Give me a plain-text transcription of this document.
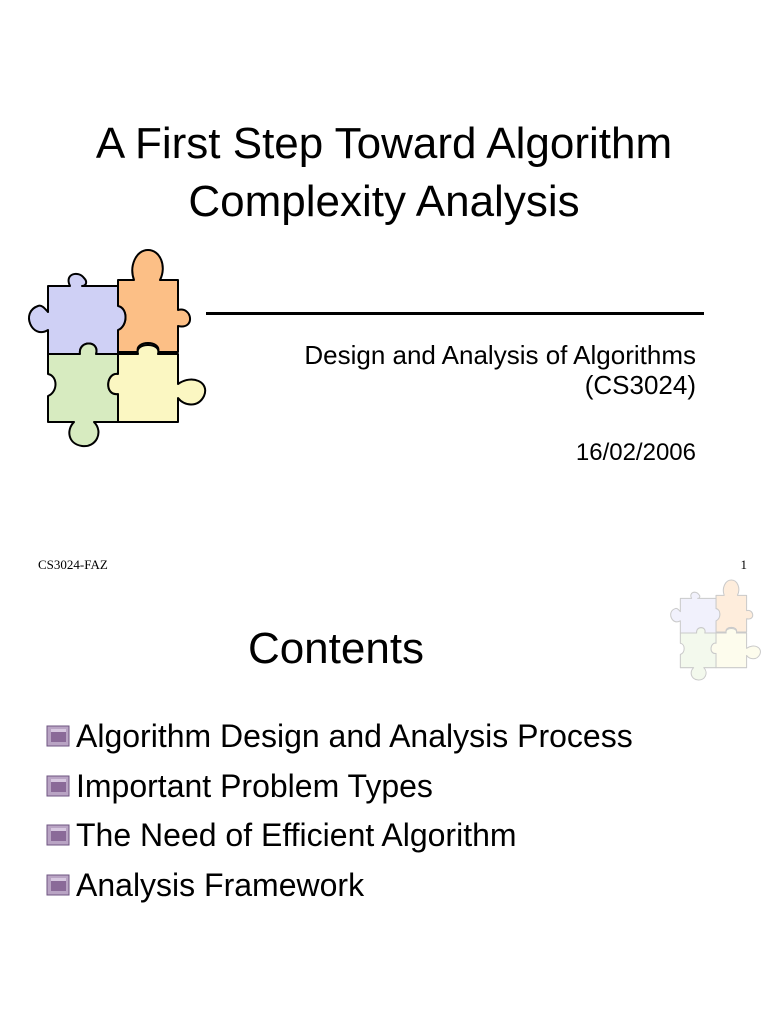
A First Step Toward Algorithm
Complexity Analysis
Design and Analysis of Algorithms
(CS3024)
16/02/2006
CS3024-FAZ	1
Contents
Algorithm Design and Analysis Process
Important Problem Types
The Need of Efficient Algorithm
Analysis Framework
